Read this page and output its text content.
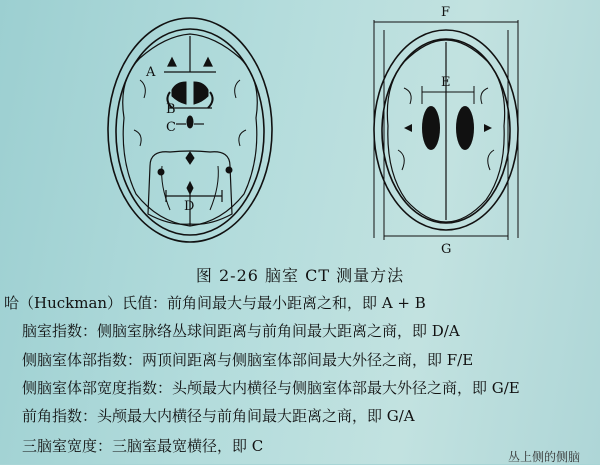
A
B
C
D
E
F
G
图 2-26 脑室 CT 测量方法
哈（Huckman）氏值：前角间最大与最小距离之和，即 A + B
脑室指数：侧脑室脉络丛球间距离与前角间最大距离之商，即 D/A
侧脑室体部指数：两顶间距离与侧脑室体部间最大外径之商，即 F/E
侧脑室体部宽度指数：头颅最大内横径与侧脑室体部最大外径之商，即 G/E
前角指数：头颅最大内横径与前角间最大距离之商，即 G/A
三脑室宽度：三脑室最宽横径，即 C
丛上侧的侧脑
